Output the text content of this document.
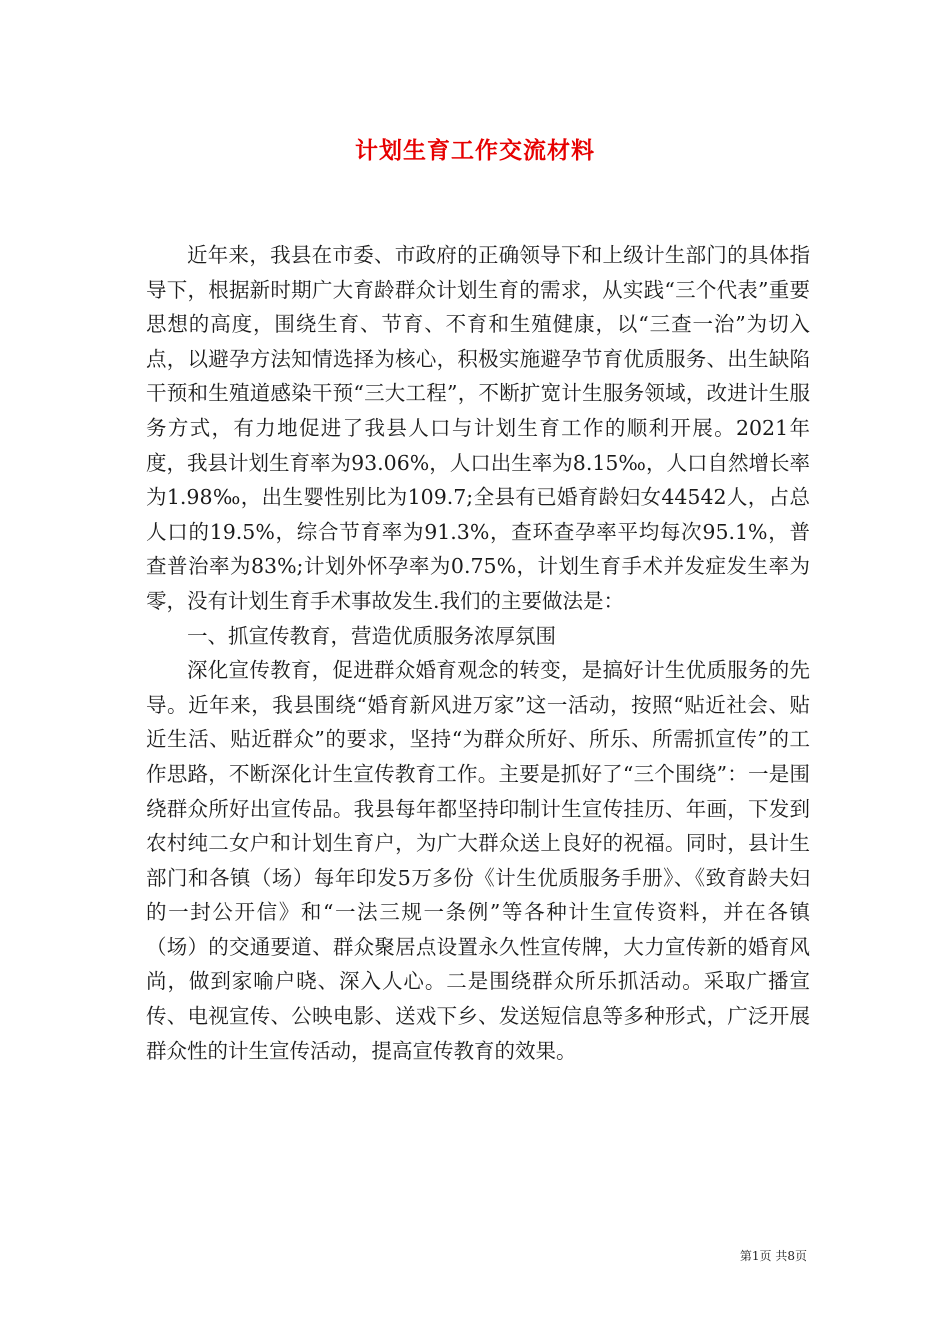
计划生育工作交流材料

近年来，我县在市委、市政府的正确领导下和上级计生部门的具体指导下，根据新时期广大育龄群众计划生育的需求，从实践“三个代表”重要思想的高度，围绕生育、节育、不育和生殖健康，以“三查一治”为切入点，以避孕方法知情选择为核心，积极实施避孕节育优质服务、出生缺陷干预和生殖道感染干预“三大工程”，不断扩宽计生服务领域，改进计生服务方式，有力地促进了我县人口与计划生育工作的顺利开展。2021年度，我县计划生育率为93.06%，人口出生率为8.15‰，人口自然增长率为1.98‰，出生婴性别比为109.7;全县有已婚育龄妇女44542人，占总人口的19.5%，综合节育率为91.3%，查环查孕率平均每次95.1%，普查普治率为83%;计划外怀孕率为0.75%，计划生育手术并发症发生率为零，没有计划生育手术事故发生.我们的主要做法是：

一、抓宣传教育，营造优质服务浓厚氛围

深化宣传教育，促进群众婚育观念的转变，是搞好计生优质服务的先导。近年来，我县围绕“婚育新风进万家”这一活动，按照“贴近社会、贴近生活、贴近群众”的要求，坚持“为群众所好、所乐、所需抓宣传”的工作思路，不断深化计生宣传教育工作。主要是抓好了“三个围绕”：一是围绕群众所好出宣传品。我县每年都坚持印制计生宣传挂历、年画，下发到农村纯二女户和计划生育户，为广大群众送上良好的祝福。同时，县计生部门和各镇（场）每年印发5万多份《计生优质服务手册》、《致育龄夫妇的一封公开信》和“一法三规一条例”等各种计生宣传资料，并在各镇（场）的交通要道、群众聚居点设置永久性宣传牌，大力宣传新的婚育风尚，做到家喻户晓、深入人心。二是围绕群众所乐抓活动。采取广播宣传、电视宣传、公映电影、送戏下乡、发送短信息等多种形式，广泛开展群众性的计生宣传活动，提高宣传教育的效果。

第1页 共8页
